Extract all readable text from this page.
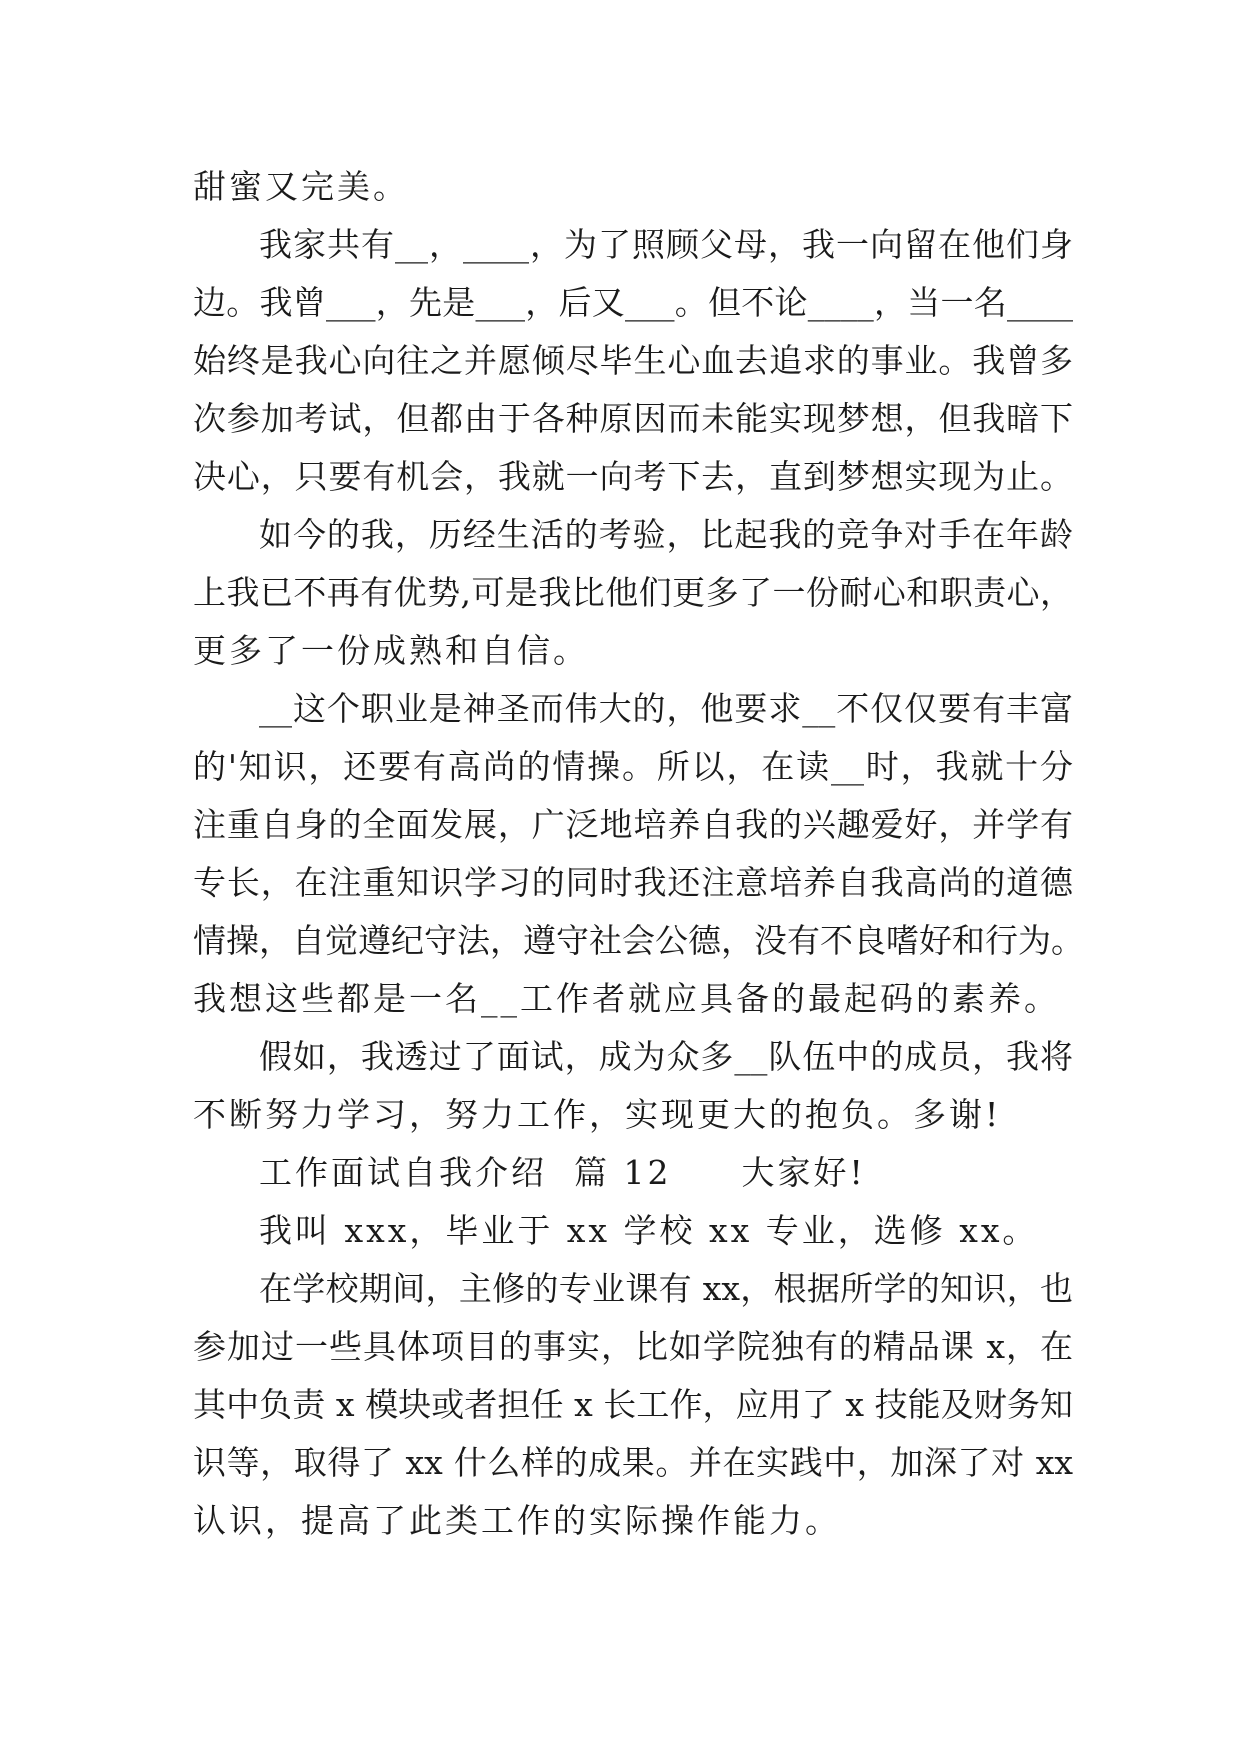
甜蜜又完美。
我家共有__，____，为了照顾父母，我一向留在他们身
边。我曾___，先是___，后又___。但不论____，当一名____
始终是我心向往之并愿倾尽毕生心血去追求的事业。我曾多
次参加考试，但都由于各种原因而未能实现梦想，但我暗下
决心，只要有机会，我就一向考下去，直到梦想实现为止。
如今的我，历经生活的考验，比起我的竞争对手在年龄
上我已不再有优势,可是我比他们更多了一份耐心和职责心，
更多了一份成熟和自信。
__这个职业是神圣而伟大的，他要求__不仅仅要有丰富
的'知识，还要有高尚的情操。所以，在读__时，我就十分
注重自身的全面发展，广泛地培养自我的兴趣爱好，并学有
专长，在注重知识学习的同时我还注意培养自我高尚的道德
情操，自觉遵纪守法，遵守社会公德，没有不良嗜好和行为。
我想这些都是一名__工作者就应具备的最起码的素养。
假如，我透过了面试，成为众多__队伍中的成员，我将
不断努力学习，努力工作，实现更大的抱负。多谢!
工作面试自我介绍  篇 12 大家好!
我叫 xxx，毕业于 xx 学校 xx 专业，选修 xx。
在学校期间，主修的专业课有 xx，根据所学的知识，也
参加过一些具体项目的事实，比如学院独有的精品课 x，在
其中负责 x 模块或者担任 x 长工作，应用了 x 技能及财务知
识等，取得了 xx 什么样的成果。并在实践中，加深了对 xx
认识，提高了此类工作的实际操作能力。
